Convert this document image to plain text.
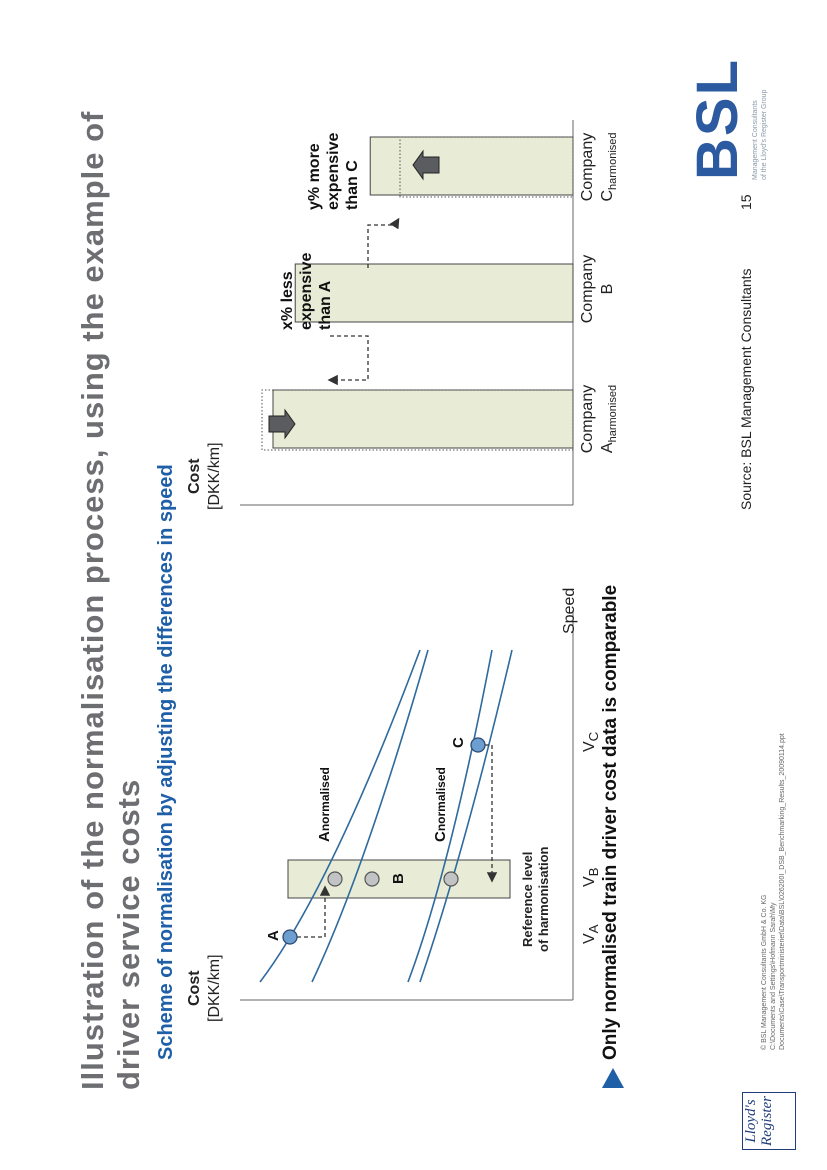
Illustration of the normalisation process, using the example of driver service costs Scheme of normalisation by adjusting the differences in speed Cost [DKK/km]
Speed
$V_A$
$V_B$
$V_C$
A
B
C
Anormalised
Cnormalised
Reference level of harmonisation
Cost [DKK/km]
Company $A_{harmonised}$
Company B
Company $C_{harmonised}$
x% less expensive than A
y% more expensive than C
Only normalised train driver cost data is comparable
Lloyd's Register
© BSL Management Consultants GmbH & Co. KG C:\Documents and Settings\Hofmann Sarah\My Documents\Case\Transportministeriet\Data\BSL\026200I_DSB_Benchmarking_Results_20090114.ppt
Source: BSL Management Consultants
15
BSL Management Consultants of the Lloyd's Register Group
